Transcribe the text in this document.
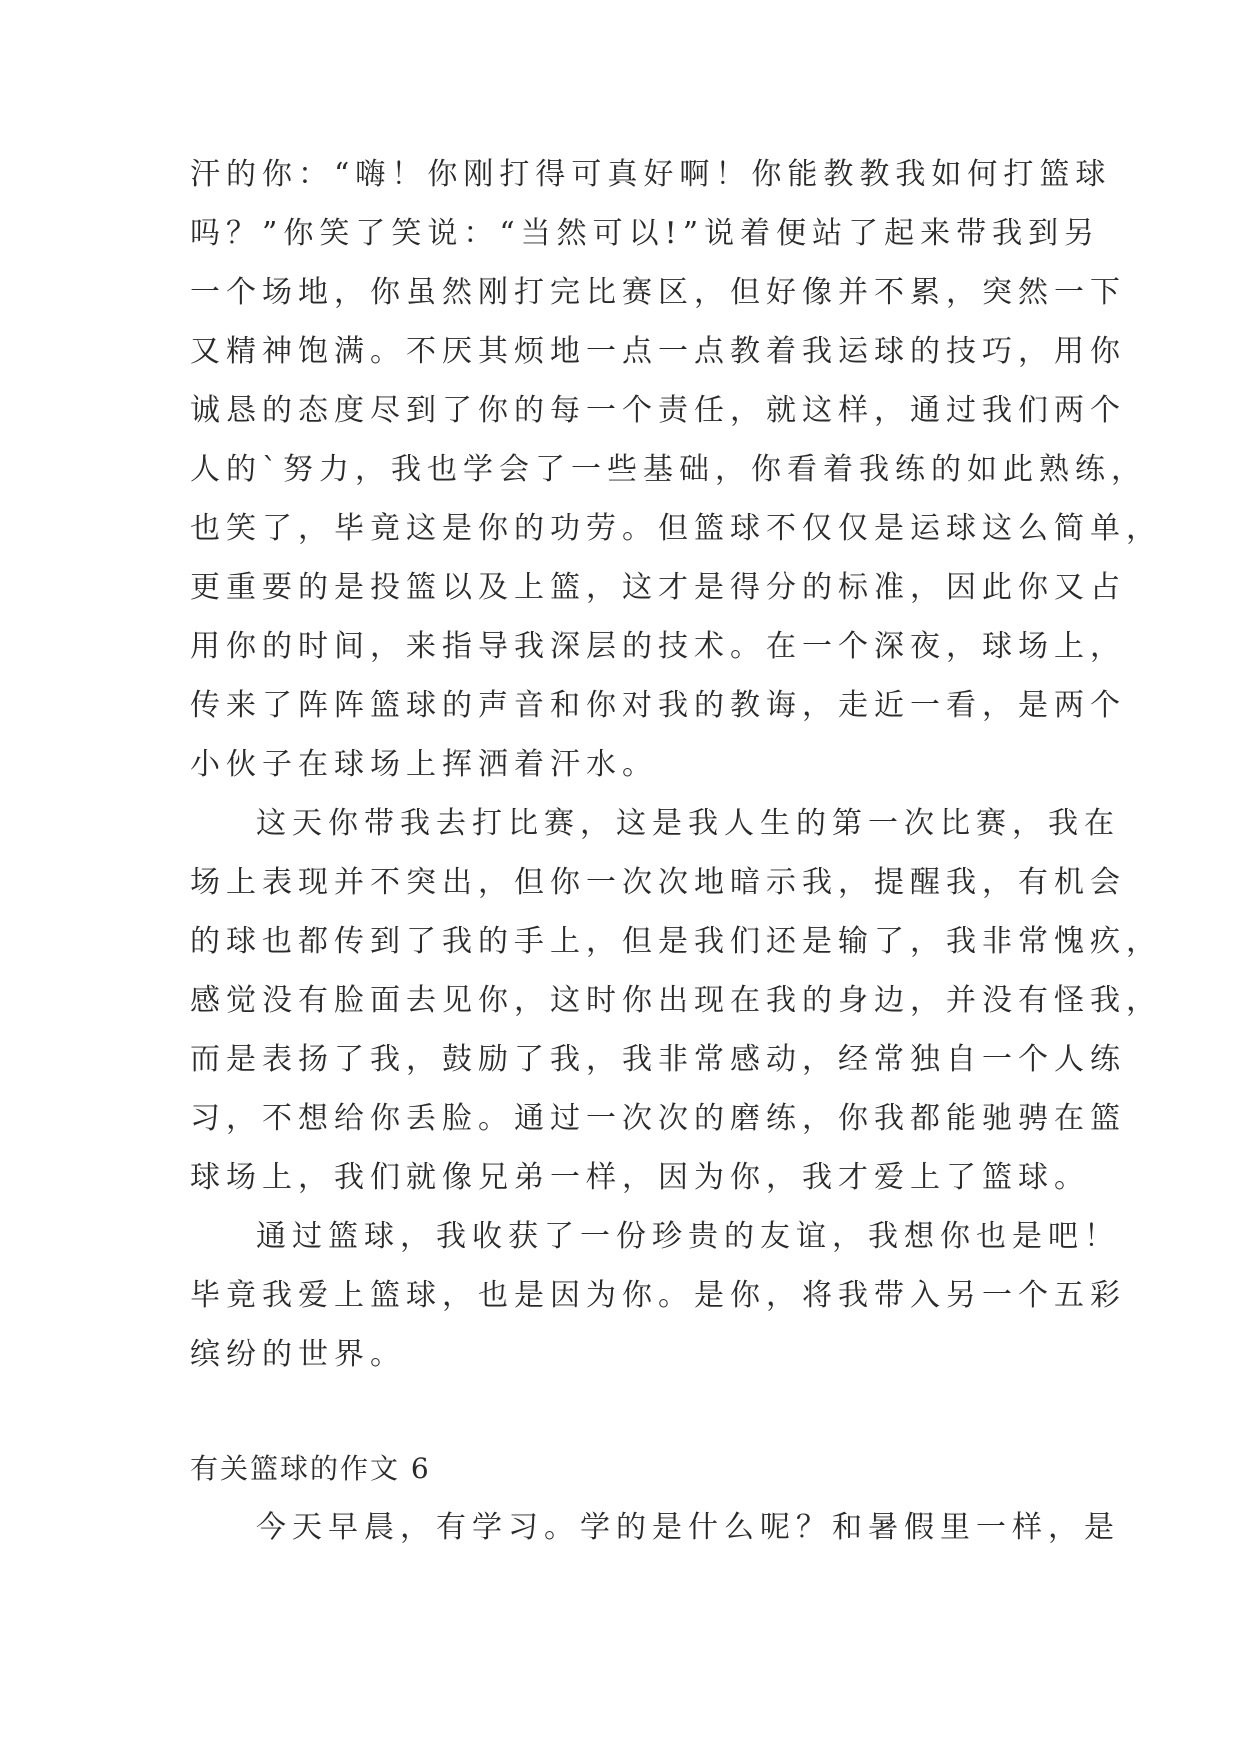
汗的你：“嗨！你刚打得可真好啊！你能教教我如何打篮球
吗？”你笑了笑说：“当然可以!”说着便站了起来带我到另
一个场地，你虽然刚打完比赛区，但好像并不累，突然一下
又精神饱满。不厌其烦地一点一点教着我运球的技巧，用你
诚恳的态度尽到了你的每一个责任，就这样，通过我们两个
人的`努力，我也学会了一些基础，你看着我练的如此熟练，
也笑了，毕竟这是你的功劳。但篮球不仅仅是运球这么简单，
更重要的是投篮以及上篮，这才是得分的标准，因此你又占
用你的时间，来指导我深层的技术。在一个深夜，球场上，
传来了阵阵篮球的声音和你对我的教诲，走近一看，是两个
小伙子在球场上挥洒着汗水。
这天你带我去打比赛，这是我人生的第一次比赛，我在
场上表现并不突出，但你一次次地暗示我，提醒我，有机会
的球也都传到了我的手上，但是我们还是输了，我非常愧疚，
感觉没有脸面去见你，这时你出现在我的身边，并没有怪我，
而是表扬了我，鼓励了我，我非常感动，经常独自一个人练
习，不想给你丢脸。通过一次次的磨练，你我都能驰骋在篮
球场上，我们就像兄弟一样，因为你，我才爱上了篮球。
通过篮球，我收获了一份珍贵的友谊，我想你也是吧！
毕竟我爱上篮球，也是因为你。是你，将我带入另一个五彩
缤纷的世界。
有关篮球的作文 6
今天早晨，有学习。学的是什么呢？和暑假里一样，是
